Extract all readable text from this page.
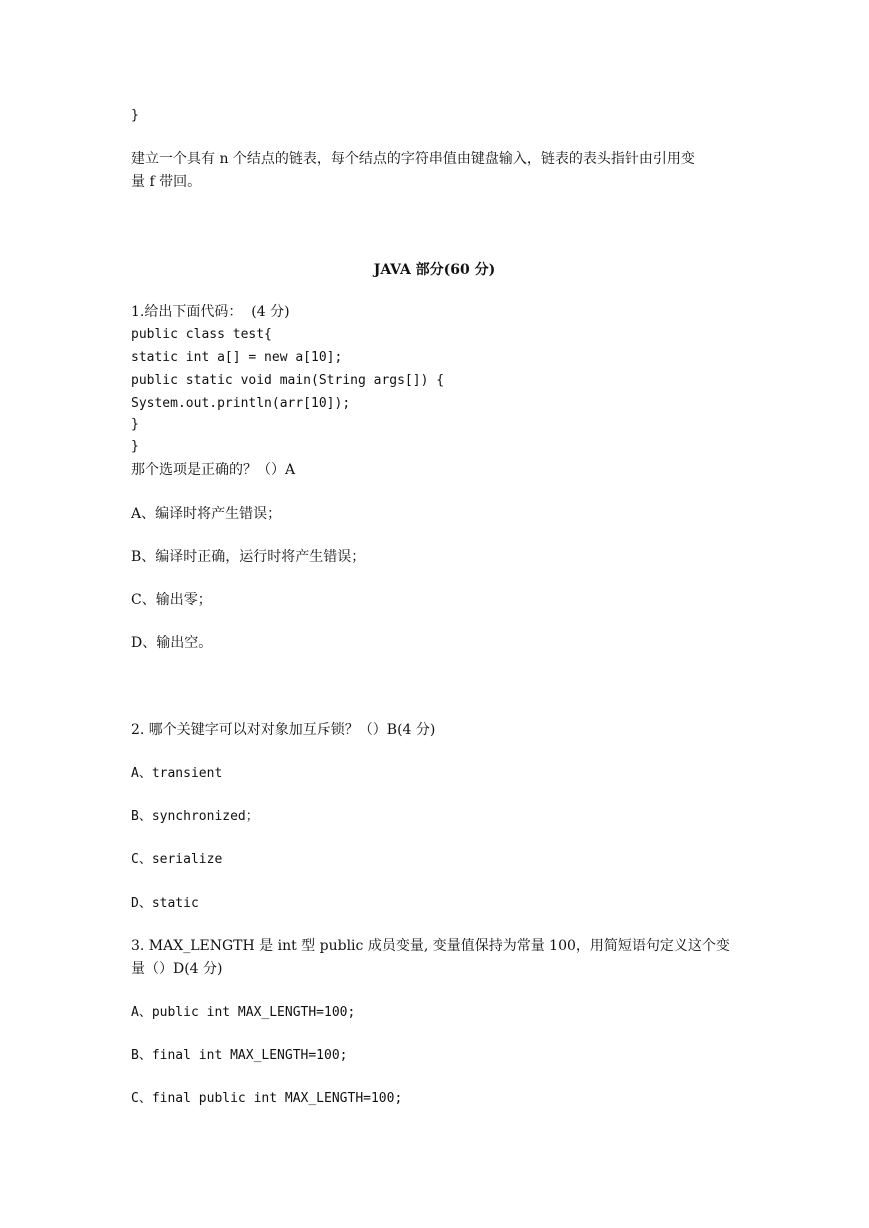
}
建立一个具有 n 个结点的链表，每个结点的字符串值由键盘输入，链表的表头指针由引用变
量 f 带回。
JAVA 部分(60 分)
1.给出下面代码：  (4 分)
public class test{
static int a[] = new a[10];
public static void main(String args[]) {
System.out.println(arr[10]);
}
}
那个选项是正确的？（）A
A、编译时将产生错误；
B、编译时正确，运行时将产生错误；
C、输出零；
D、输出空。
2. 哪个关键字可以对对象加互斥锁？（）B(4 分)
A、transient
B、synchronized；
C、serialize
D、static
3. MAX_LENGTH 是 int 型 public 成员变量, 变量值保持为常量 100，用简短语句定义这个变
量（）D(4 分)
A、public int MAX_LENGTH=100;
B、final int MAX_LENGTH=100;
C、final public int MAX_LENGTH=100;
